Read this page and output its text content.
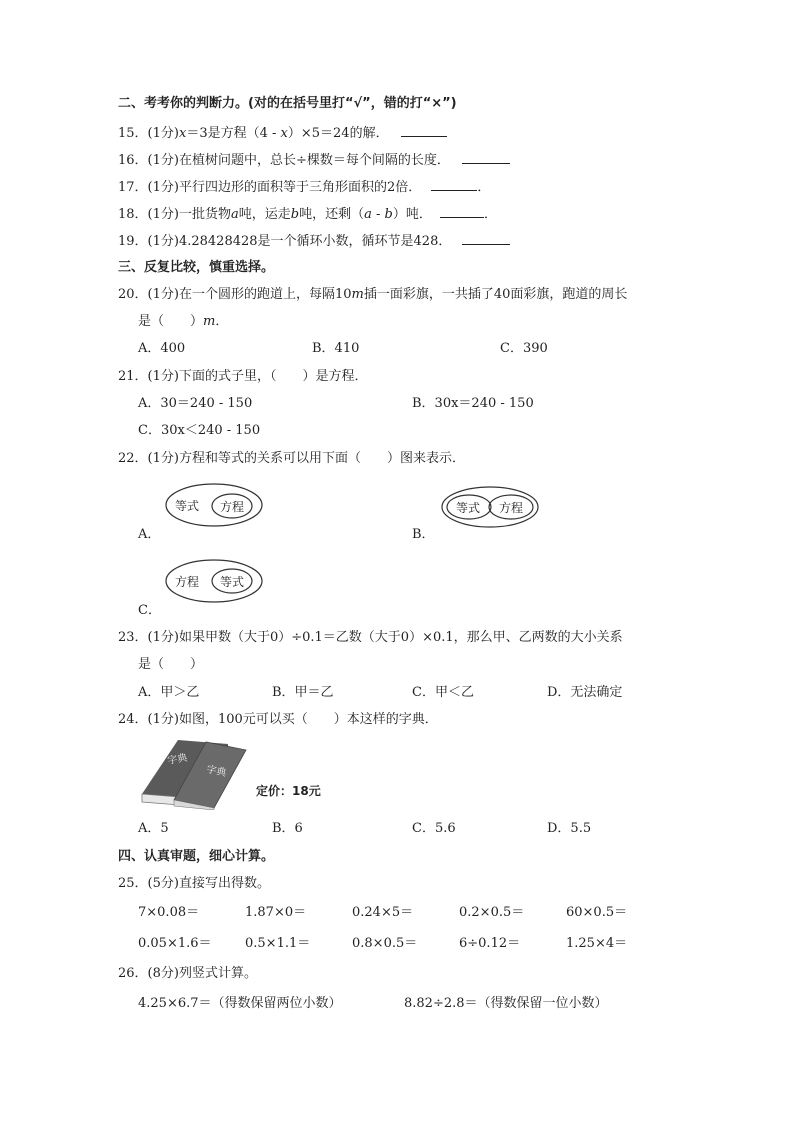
二、考考你的判断力。(对的在括号里打“√”，错的打“×”)
15．(1分)x＝3是方程（4 - x）×5＝24的解．
16．(1分)在植树问题中，总长÷棵数＝每个间隔的长度．
17．(1分)平行四边形的面积等于三角形面积的2倍．	．
18．(1分)一批货物a吨，运走b吨，还剩（a - b）吨．	．
19．(1分)4.28428428是一个循环小数，循环节是428．
三、反复比较，慎重选择。
20．(1分)在一个圆形的跑道上，每隔10m插一面彩旗，一共插了40面彩旗，跑道的周长
是（ ）m．
A．400	B．410	C．390
21．(1分)下面的式子里，（ ）是方程．
A．30＝240 - 150	B．30x＝240 - 150
C．30x＜240 - 150
22．(1分)方程和等式的关系可以用下面（ ）图来表示．
等式 方程
A．
等式 方程
B．
方程 等式
C．
23．(1分)如果甲数（大于0）÷0.1＝乙数（大于0）×0.1，那么甲、乙两数的大小关系
是（ ）
A．甲＞乙	B．甲＝乙	C．甲＜乙	D．无法确定
24．(1分)如图，100元可以买（ ）本这样的字典．
字典
字典
定价：18元
A．5	B．6	C．5.6	D．5.5
四、认真审题，细心计算。
25．(5分)直接写出得数。
7×0.08＝	1.87×0＝	0.24×5＝	0.2×0.5＝	60×0.5＝
0.05×1.6＝	0.5×1.1＝	0.8×0.5＝	6÷0.12＝	1.25×4＝
26．(8分)列竖式计算。
4.25×6.7＝（得数保留两位小数）	8.82÷2.8＝（得数保留一位小数）
